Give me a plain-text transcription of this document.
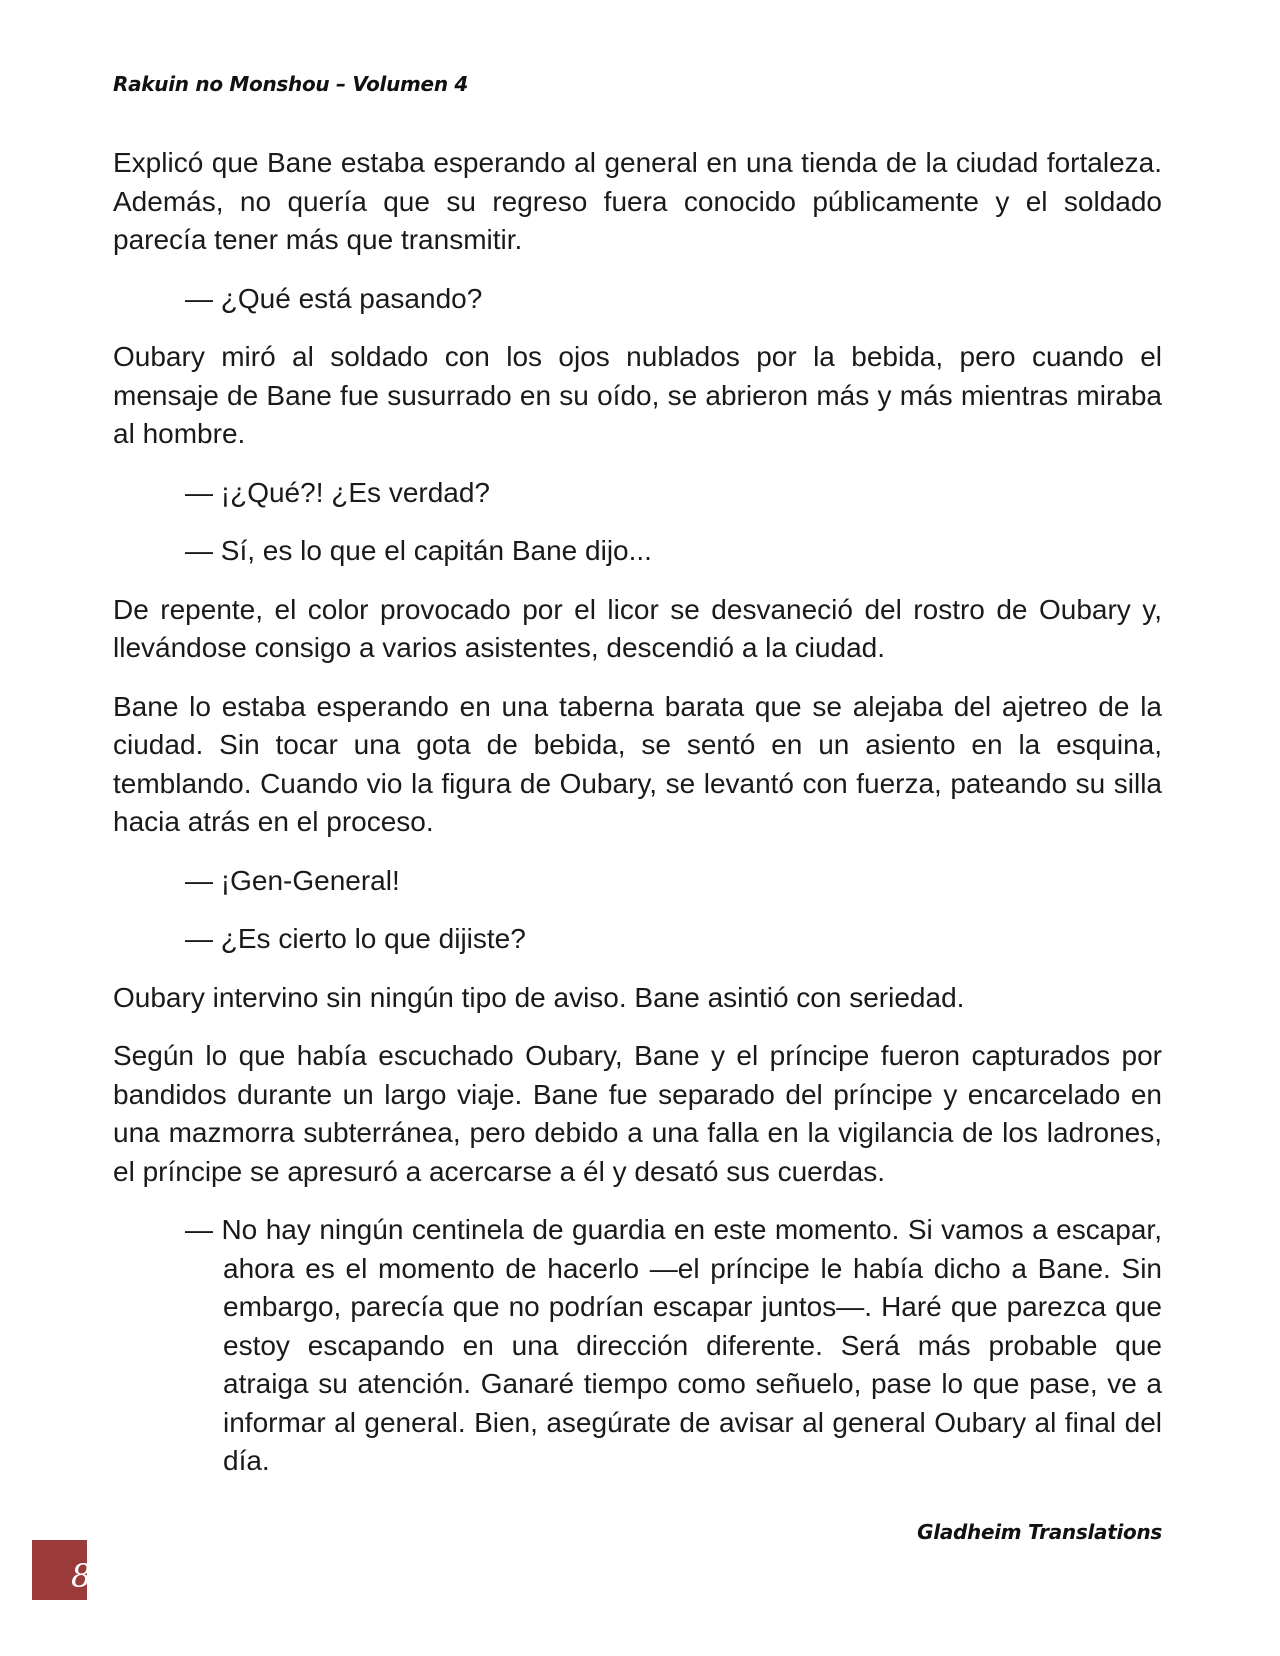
Rakuin no Monshou – Volumen 4

Explicó que Bane estaba esperando al general en una tienda de la ciudad fortaleza. Además, no quería que su regreso fuera conocido públicamente y el soldado parecía tener más que transmitir.

— ¿Qué está pasando?

Oubary miró al soldado con los ojos nublados por la bebida, pero cuando el mensaje de Bane fue susurrado en su oído, se abrieron más y más mientras miraba al hombre.

— ¡¿Qué?! ¿Es verdad?

— Sí, es lo que el capitán Bane dijo...

De repente, el color provocado por el licor se desvaneció del rostro de Oubary y, llevándose consigo a varios asistentes, descendió a la ciudad.

Bane lo estaba esperando en una taberna barata que se alejaba del ajetreo de la ciudad. Sin tocar una gota de bebida, se sentó en un asiento en la esquina, temblando. Cuando vio la figura de Oubary, se levantó con fuerza, pateando su silla hacia atrás en el proceso.

— ¡Gen-General!

— ¿Es cierto lo que dijiste?

Oubary intervino sin ningún tipo de aviso. Bane asintió con seriedad.

Según lo que había escuchado Oubary, Bane y el príncipe fueron capturados por bandidos durante un largo viaje. Bane fue separado del príncipe y encarcelado en una mazmorra subterránea, pero debido a una falla en la vigilancia de los ladrones, el príncipe se apresuró a acercarse a él y desató sus cuerdas.

— No hay ningún centinela de guardia en este momento. Si vamos a escapar, ahora es el momento de hacerlo —el príncipe le había dicho a Bane. Sin embargo, parecía que no podrían escapar juntos—. Haré que parezca que estoy escapando en una dirección diferente. Será más probable que atraiga su atención. Ganaré tiempo como señuelo, pase lo que pase, ve a informar al general. Bien, asegúrate de avisar al general Oubary al final del día.

Gladheim Translations
8
